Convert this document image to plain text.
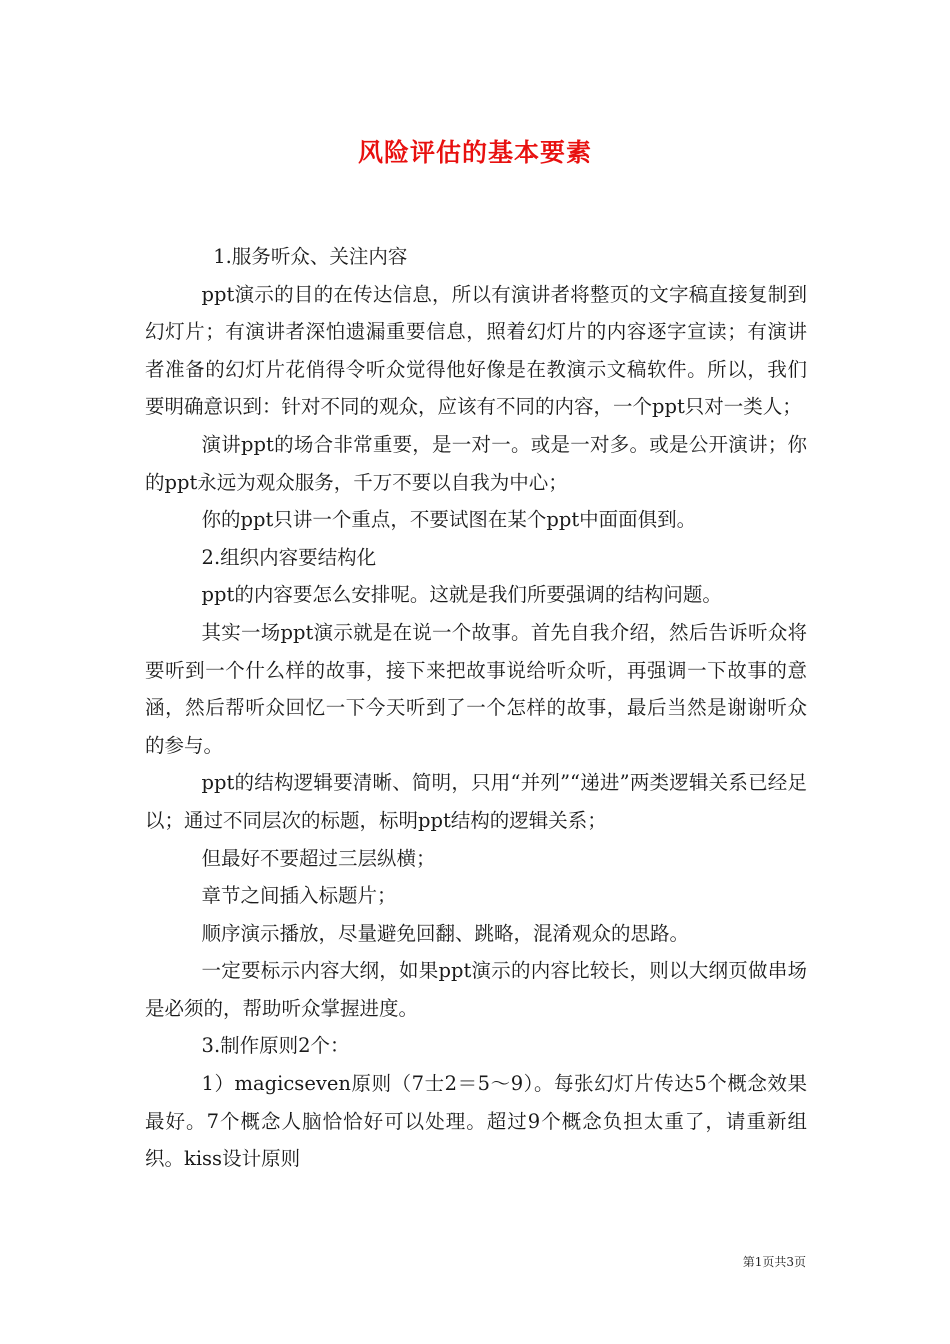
风险评估的基本要素

1.服务听众、关注内容

ppt演示的目的在传达信息，所以有演讲者将整页的文字稿直接复制到幻灯片；有演讲者深怕遗漏重要信息，照着幻灯片的内容逐字宣读；有演讲者准备的幻灯片花俏得令听众觉得他好像是在教演示文稿软件。所以，我们要明确意识到：针对不同的观众，应该有不同的内容，一个ppt只对一类人；

演讲ppt的场合非常重要，是一对一。或是一对多。或是公开演讲；你的ppt永远为观众服务，千万不要以自我为中心；

你的ppt只讲一个重点，不要试图在某个ppt中面面俱到。

2.组织内容要结构化

ppt的内容要怎么安排呢。这就是我们所要强调的结构问题。

其实一场ppt演示就是在说一个故事。首先自我介绍，然后告诉听众将要听到一个什么样的故事，接下来把故事说给听众听，再强调一下故事的意涵，然后帮听众回忆一下今天听到了一个怎样的故事，最后当然是谢谢听众的参与。

ppt的结构逻辑要清晰、简明，只用“并列”“递进”两类逻辑关系已经足以；通过不同层次的标题，标明ppt结构的逻辑关系；

但最好不要超过三层纵横；

章节之间插入标题片；

顺序演示播放，尽量避免回翻、跳略，混淆观众的思路。

一定要标示内容大纲，如果ppt演示的内容比较长，则以大纲页做串场是必须的，帮助听众掌握进度。

3.制作原则2个：

1）magicseven原则（7士2＝5～9）。每张幻灯片传达5个概念效果最好。7个概念人脑恰恰好可以处理。超过9个概念负担太重了，请重新组织。kiss设计原则

第1页共3页
